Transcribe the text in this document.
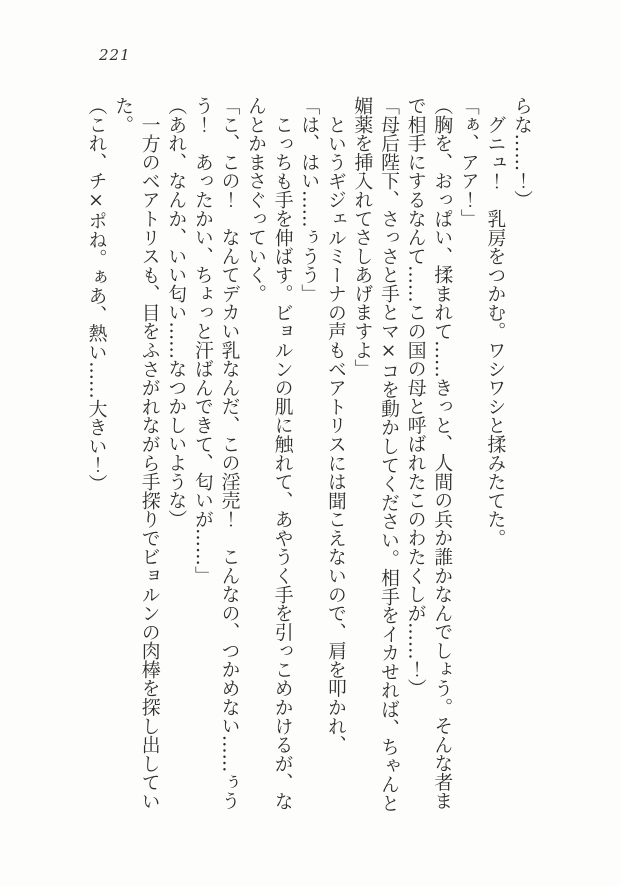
221

らな……！）

グニュ！　乳房をつかむ。ワシワシと揉みたてた。

「ぁ、アア！」

（胸を、おっぱい、揉まれて……きっと、人間の兵か誰かなんでしょう。そんな者ま

で相手にするなんて……この国の母と呼ばれたこのわたくしが……！）

「母后陛下、さっさと手とマ×コを動かしてください。相手をイカせれば、ちゃんと

媚薬を挿入れてさしあげますよ」

というギジェルミーナの声もベアトリスには聞こえないので、肩を叩かれ、

「は、はい……ぅうう」

こっちも手を伸ばす。ビョルンの肌に触れて、あやうく手を引っこめかけるが、な

んとかまさぐっていく。

「こ、この！　なんてデカい乳なんだ、この淫売！　こんなの、つかめない……ぅう

う！　あったかい、ちょっと汗ばんできて、匂いが……」

（あれ、なんか、いい匂い……なつかしいような）

一方のベアトリスも、目をふさがれながら手探りでビョルンの肉棒を探し出してい

た。

（これ、チ×ポね。ぁあ、熱い……大きい！）
